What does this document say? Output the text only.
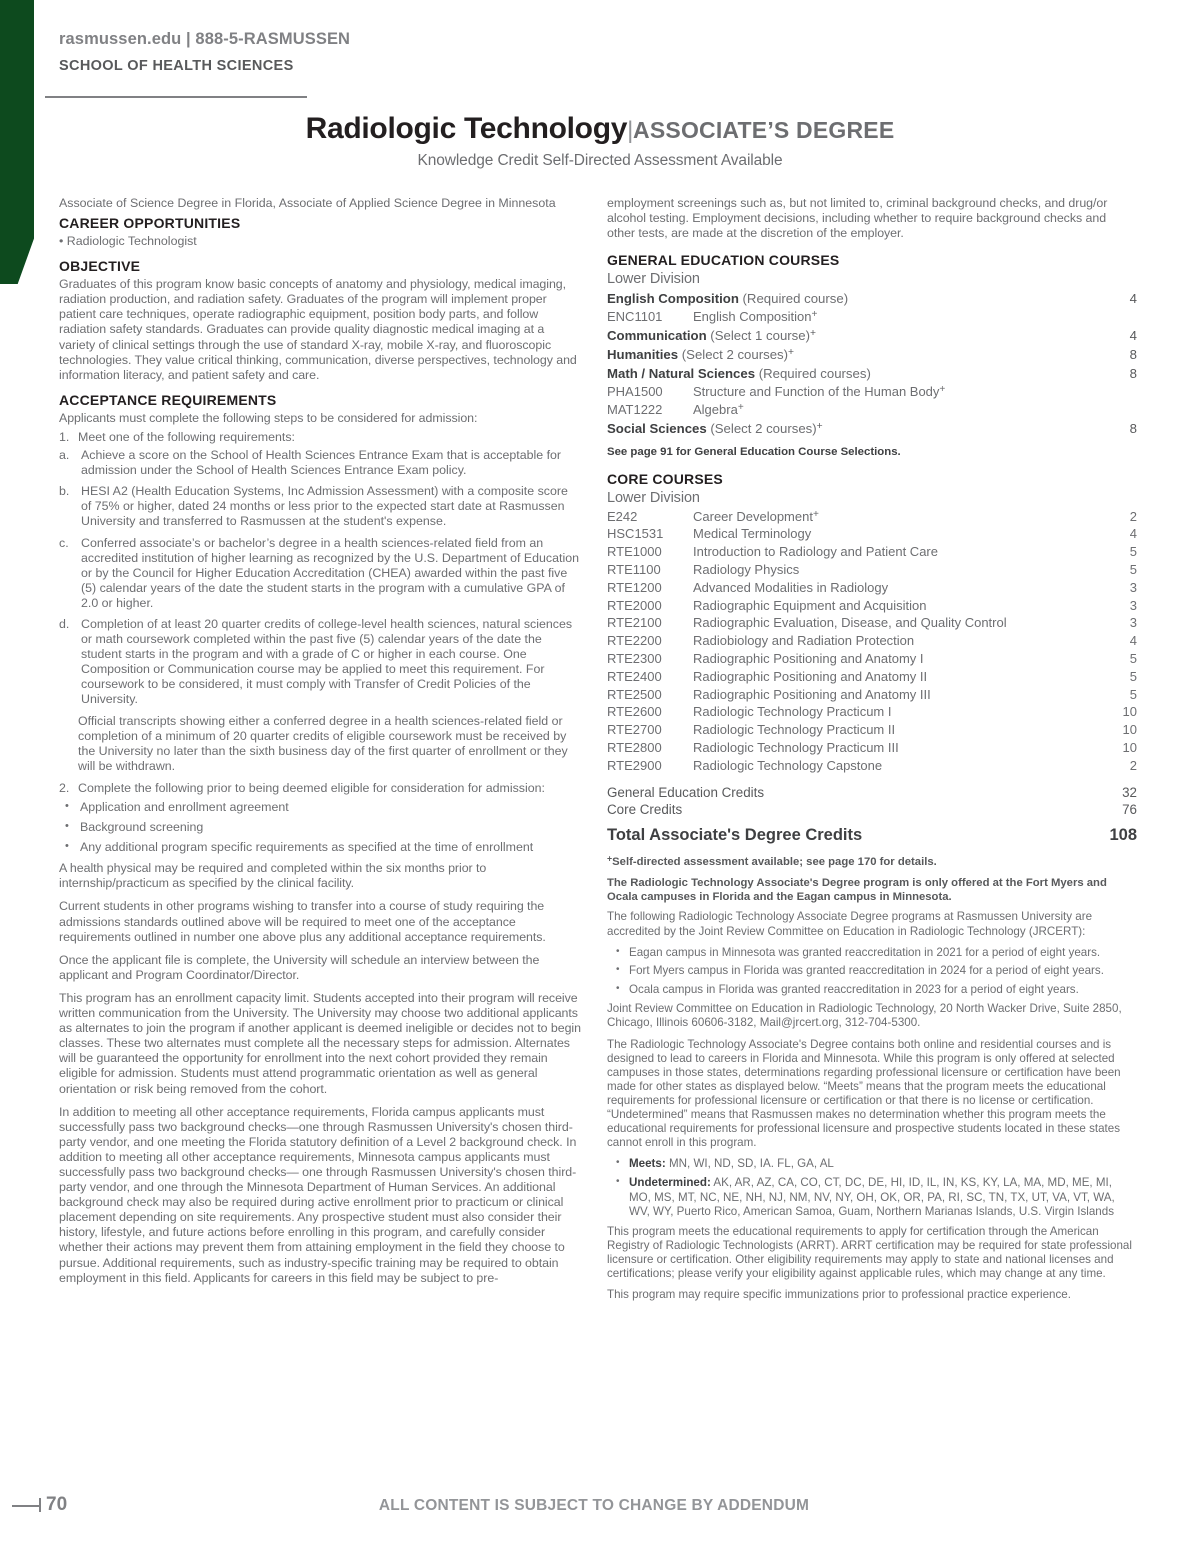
rasmussen.edu | 888-5-RASMUSSEN
SCHOOL OF HEALTH SCIENCES
Radiologic Technology|ASSOCIATE’S DEGREE
Knowledge Credit Self-Directed Assessment Available
Associate of Science Degree in Florida, Associate of Applied Science Degree in Minnesota
CAREER OPPORTUNITIES
• Radiologic Technologist
OBJECTIVE

Graduates of this program know basic concepts of anatomy and physiology, medical imaging, radiation production, and radiation safety. Graduates of the program will implement proper patient care techniques, operate radiographic equipment, position body parts, and follow radiation safety standards. Graduates can provide quality diagnostic medical imaging at a variety of clinical settings through the use of standard X-ray, mobile X-ray, and fluoroscopic technologies. They value critical thinking, communication, diverse perspectives, technology and information literacy, and patient safety and care.

ACCEPTANCE REQUIREMENTS

Applicants must complete the following steps to be considered for admission:

1. Meet one of the following requirements:
a. Achieve a score on the School of Health Sciences Entrance Exam that is acceptable for admission under the School of Health Sciences Entrance Exam policy.
b. HESI A2 (Health Education Systems, Inc Admission Assessment) with a composite score of 75% or higher, dated 24 months or less prior to the expected start date at Rasmussen University and transferred to Rasmussen at the student's expense.
c. Conferred associate’s or bachelor’s degree in a health sciences-related field from an accredited institution of higher learning as recognized by the U.S. Department of Education or by the Council for Higher Education Accreditation (CHEA) awarded within the past five (5) calendar years of the date the student starts in the program with a cumulative GPA of 2.0 or higher.
d. Completion of at least 20 quarter credits of college-level health sciences, natural sciences or math coursework completed within the past five (5) calendar years of the date the student starts in the program and with a grade of C or higher in each course. One Composition or Communication course may be applied to meet this requirement. For coursework to be considered, it must comply with Transfer of Credit Policies of the University.
Official transcripts showing either a conferred degree in a health sciences-related field or completion of a minimum of 20 quarter credits of eligible coursework must be received by the University no later than the sixth business day of the first quarter of enrollment or they will be withdrawn.
2. Complete the following prior to being deemed eligible for consideration for admission:
• Application and enrollment agreement
• Background screening
• Any additional program specific requirements as specified at the time of enrollment

A health physical may be required and completed within the six months prior to internship/practicum as specified by the clinical facility.

Current students in other programs wishing to transfer into a course of study requiring the admissions standards outlined above will be required to meet one of the acceptance requirements outlined in number one above plus any additional acceptance requirements.

Once the applicant file is complete, the University will schedule an interview between the applicant and Program Coordinator/Director.

This program has an enrollment capacity limit. Students accepted into their program will receive written communication from the University. The University may choose two additional applicants as alternates to join the program if another applicant is deemed ineligible or decides not to begin classes. These two alternates must complete all the necessary steps for admission. Alternates will be guaranteed the opportunity for enrollment into the next cohort provided they remain eligible for admission. Students must attend programmatic orientation as well as general orientation or risk being removed from the cohort.

In addition to meeting all other acceptance requirements, Florida campus applicants must successfully pass two background checks—one through Rasmussen University's chosen third-party vendor, and one meeting the Florida statutory definition of a Level 2 background check. In addition to meeting all other acceptance requirements, Minnesota campus applicants must successfully pass two background checks— one through Rasmussen University's chosen third-party vendor, and one through the Minnesota Department of Human Services. An additional background check may also be required during active enrollment prior to practicum or clinical placement depending on site requirements. Any prospective student must also consider their history, lifestyle, and future actions before enrolling in this program, and carefully consider whether their actions may prevent them from attaining employment in the field they choose to pursue. Additional requirements, such as industry-specific training may be required to obtain employment in this field. Applicants for careers in this field may be subject to pre-

employment screenings such as, but not limited to, criminal background checks, and drug/or alcohol testing. Employment decisions, including whether to require background checks and other tests, are made at the discretion of the employer.

GENERAL EDUCATION COURSES
Lower Division
English Composition (Required course)	4
ENC1101	English Composition+
Communication (Select 1 course)+	4
Humanities (Select 2 courses)+	8
Math / Natural Sciences (Required courses)	8
PHA1500	Structure and Function of the Human Body+
MAT1222	Algebra+
Social Sciences (Select 2 courses)+	8
See page 91 for General Education Course Selections.
CORE COURSES
Lower Division
E242	Career Development+	2
HSC1531	Medical Terminology	4
RTE1000	Introduction to Radiology and Patient Care	5
RTE1100	Radiology Physics	5
RTE1200	Advanced Modalities in Radiology	3
RTE2000	Radiographic Equipment and Acquisition	3
RTE2100	Radiographic Evaluation, Disease, and Quality Control	3
RTE2200	Radiobiology and Radiation Protection	4
RTE2300	Radiographic Positioning and Anatomy I	5
RTE2400	Radiographic Positioning and Anatomy II	5
RTE2500	Radiographic Positioning and Anatomy III	5
RTE2600	Radiologic Technology Practicum I	10
RTE2700	Radiologic Technology Practicum II	10
RTE2800	Radiologic Technology Practicum III	10
RTE2900	Radiologic Technology Capstone	2
General Education Credits	32
Core Credits	76
Total Associate's Degree Credits	108
+Self-directed assessment available; see page 170 for details.
The Radiologic Technology Associate's Degree program is only offered at the Fort Myers and Ocala campuses in Florida and the Eagan campus in Minnesota.
The following Radiologic Technology Associate Degree programs at Rasmussen University are accredited by the Joint Review Committee on Education in Radiologic Technology (JRCERT):
• Eagan campus in Minnesota was granted reaccreditation in 2021 for a period of eight years.
• Fort Myers campus in Florida was granted reaccreditation in 2024 for a period of eight years.
• Ocala campus in Florida was granted reaccreditation in 2023 for a period of eight years.
Joint Review Committee on Education in Radiologic Technology, 20 North Wacker Drive, Suite 2850, Chicago, Illinois 60606-3182, Mail@jrcert.org, 312-704-5300.
The Radiologic Technology Associate's Degree contains both online and residential courses and is designed to lead to careers in Florida and Minnesota. While this program is only offered at selected campuses in those states, determinations regarding professional licensure or certification have been made for other states as displayed below. “Meets” means that the program meets the educational requirements for professional licensure or certification or that there is no license or certification. “Undetermined” means that Rasmussen makes no determination whether this program meets the educational requirements for professional licensure and prospective students located in these states cannot enroll in this program.
• Meets: MN, WI, ND, SD, IA. FL, GA, AL
• Undetermined: AK, AR, AZ, CA, CO, CT, DC, DE, HI, ID, IL, IN, KS, KY, LA, MA, MD, ME, MI, MO, MS, MT, NC, NE, NH, NJ, NM, NV, NY, OH, OK, OR, PA, RI, SC, TN, TX, UT, VA, VT, WA, WV, WY, Puerto Rico, American Samoa, Guam, Northern Marianas Islands, U.S. Virgin Islands
This program meets the educational requirements to apply for certification through the American Registry of Radiologic Technologists (ARRT). ARRT certification may be required for state professional licensure or certification. Other eligibility requirements may apply to state and national licenses and certifications; please verify your eligibility against applicable rules, which may change at any time.
This program may require specific immunizations prior to professional practice experience.
70	ALL CONTENT IS SUBJECT TO CHANGE BY ADDENDUM
